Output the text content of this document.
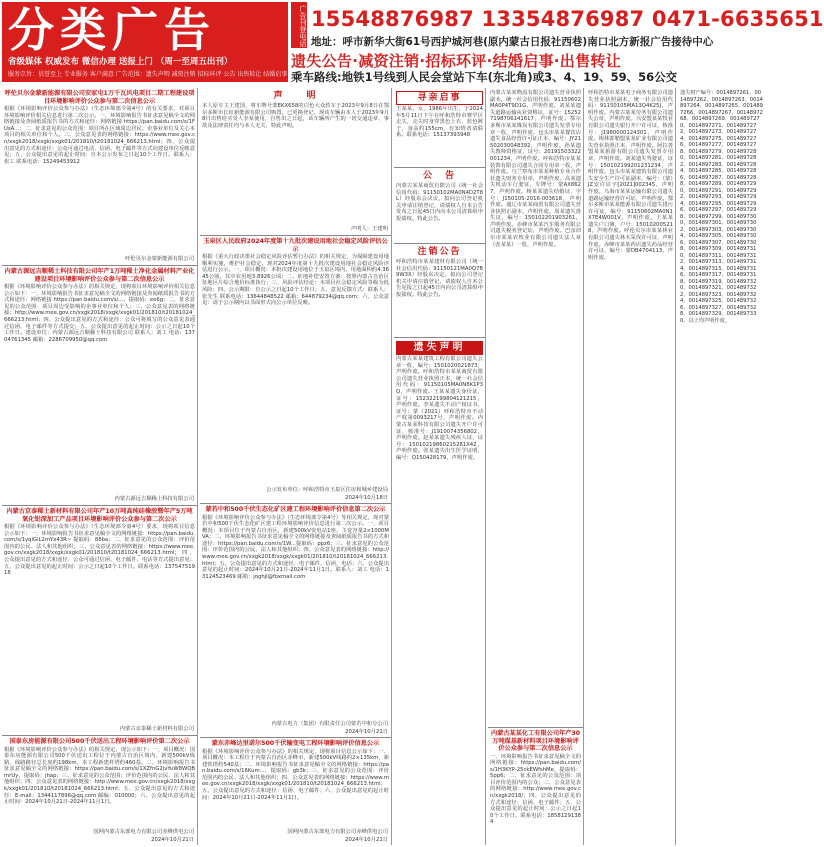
分类广告
省级媒体 权威发布 微信办理 送报上门 （周一至周五出刊）
服务宗旨：信誉至上 专业服务 客户满意 广告范围：遗失声明 减资注销 招标环评 公告 出售转让 结婚启事
广告刊登电话 15548876987 13354876987 0471-6635651
地址：呼市新华大街61号西护城河巷(原内蒙古日报社西巷)南口北方新报广告接待中心
遗失公告·减资注销·招标环评·结婚启事·出售转让
乘车路线:地铁1号线到人民会堂站下车(东北角)或3、4、19、59、56公交
呼伦贝尔金蒙新能源有限公司安家屯1万千瓦风电项目二期工程建设项目环境影响评价公众参与第二次信息公示
根据《环境影响评价公众参与办法》（生态环境部令第4号）的有关要求，对项目环境影响评价相关信息进行第二次公示。一、环境影响报告书征求意见稿全文的网络链接及查阅纸质报告书的方式和途径：网络链接 https://pan.baidu.com/s/1FUsA...；二、征求意见的公众范围：项目所在区域周边居民、企事业单位及关心本项目的相关单位和个人。三、公众意见表的网络链接：https://www.mee.gov.cn/xxgk2018/xxgk/xxgk01/201810/t20181024_666213.html；四、公众提出意见的方式和途径：公众可通过电话、信函、电子邮件等方式向建设单位反映意见；五、公众提出意见的起止时间：自本公示发布之日起10个工作日。联系人：张工 联系电话：15249453912
呼伦贝尔金蒙新能源有限公司
内蒙古源远吉顺稀土科技有限公司年产1万吨稀土净化金属材料产业化建设项目环境影响评价公众参与第二次信息公示
根据《环境影响评价公众参与办法》的相关规定，现将项目环境影响评价相关信息公示如下：一、环境影响报告书征求意见稿全文的网络链接及查阅纸质报告书的方式和途径：网络链接 https://pan.baidu.com/s/...，提取码：ee6g；二、征求意见的公众范围：项目周边受影响的企事业单位和个人；三、公众意见表的网络链接：http://www.mee.gov.cn/xxgk2018/xxgk/xxgk01/201810/t20181024_666213.html；四、公众提出意见的方式和途径：公众可将填写的公众意见表通过信函、电子邮件等方式提交；五、公众提出意见的起止时间：公示之日起10个工作日。建设单位：内蒙古源远吉顺稀土科技有限公司 联系人：刘工 电话：13704761345 邮箱：2286709950@qq.com
内蒙古源远吉顺稀土科技有限公司
内蒙古京泰稀土新材料有限公司年产10万吨高纯硅橡胶暨年产5万吨氧化铝深加工产品项目环境影响评价公众参与第二次公示
根据《环境影响评价公众参与办法》（生态环境部令第4号）要求，现将项目信息公示如下：一、环境影响报告书征求意见稿全文的网络链接：https://pan.baidu.com/s/1yqiGiL2mYx43R~ 提取码：88ba；二、征求意见的公众范围：评价范围内的公民、法人和其他组织；三、公众意见表的网络链接：https://www.mee.gov.cn/xxgk2018/xxgk/xxgk01/201810/t20181024_666213.html；四、公众提出意见的方式和途径：公众可通过信函、电子邮件、电话等方式提出意见；五、公众提出意见的起止时间：公示之日起10个工作日。联系电话：13754751918
内蒙古京泰稀土新材料有限公司
国泰东房能源有限公司500千伏送出工程环境影响评价第二次公示
根据《环境影响评价公众参与办法》的相关规定，现公示如下：一、项目概况：国泰东房能源有限公司500千伏送出工程位于内蒙古自治区境内，新建500kV线路，线路路径总长度约198km，本工程新建杆塔约460基。二、环境影响报告书征求意见稿全文的网络链接：https://pan.baidu.com/s/1XZfnG2jvYuW8WQBmrUy，提取码：jhap；三、征求意见的公众范围：评价范围内的公民、法人和其他组织；四、公众意见表的网络链接：http://www.mee.gov.cn/xxgk2018/xxgk/xxgk01/201810/t20181024_666213.html；五、公众提出意见的方式和途径：E-mail：1344117896@qq.com 邮编：010000；六、公众提出意见的起止时间：2024年10月21日-2024年11月1日。
国网内蒙古东部电力有限公司赤峰供电公司
2024年10月21日
声　　明
本人原车主王建国，将车牌号蒙EKX658的白色大众轿车于2023年9月8日在鄂尔多斯市长征新能源有限公司购置，已更换登记，现该车辆由本人于2023年9月8日出售给买受人李某使用，自售出之日起，该车辆所产生的一切交通违章、事故及法律责任均与本人无关，特此声明。
声明人：王建明
玉泉区人民政府2024年度第十九批次建设用地社会稳定风险评估公示
根据《重大行政决策社会稳定风险评估暂行办法》的相关规定，为保障建设用地顺利实施，维护社会稳定，现对2024年度第十九批次建设用地社会稳定风险评估进行公示。一、项目概况：本批次建设用地位于玉泉区境内，用地面积约4.3645公顷，其中农用地3.8926公顷；二、征地补偿安置方案：按照内蒙古自治区征地区片综合地价标准执行；三、风险评估结论：本项目社会稳定风险等级为低风险；四、公示期限：自公示之日起10个工作日；五、意见反馈方式：联系人：张先生 联系电话：13644848522 邮箱：644879234@qq.com；六、公众意见：请于公示期内以书面形式向公示单位反映。
公示发布单位：呼和浩特市玉泉区住房和城乡建设局
2024年10月18日
蒙若中和500千伏生态化矿区建工程环境影响评价信息第二次公示
根据《环境影响评价公众参与办法》（生态环境部令第4号）等相关规定，现对蒙若中和500千伏生态化矿区建工程环境影响评价信息进行第二次公示。一、项目概况：本项目位于内蒙古自治区，新建500kV变电站1座，主变容量2×1000MVA；二、环境影响报告书征求意见稿全文的网络链接及查阅纸质报告书的方式和途径：https://pan.baidu.com/s/1W...提取码：ppz6；三、征求意见的公众范围：评价范围内的公民、法人和其他组织；四、公众意见表的网络链接：http://www.mee.gov.cn/xxgk2018/xxgk/xxgk01/201810/t20181024_666213.html；五、公众提出意见的方式和途径：电子邮件、信函、电话；六、公众提出意见的起止时间：2024年10月21日-2024年11月1日。联系人：刘工 电话：13124523469 邮箱：joghjl@foxmail.com
内蒙古电力（集团）有限责任公司蒙若中和分公司
2024年10月21日
蒙东赤峰达里诺尔500千伏输变电工程环境影响评价信息公示
根据《环境影响评价公众参与办法》的相关规定，现将项目信息公示如下：一、项目概况：本工程位于内蒙古自治区赤峰市，新建500kV线路约2×135km，新建铁塔约540基；二、环境影响报告书征求意见稿全文的网络链接：https://pan.baidu.com/s/16Kum...，提取码：gb3k；三、征求意见的公众范围：评价范围内的公民、法人和其他组织；四、公众意见表的网络链接：https://www.mee.gov.cn/xxgk2018/xxgk/xxgk01/201810/t20181024_666213.html；五、公众提出意见的方式和途径：信函、电子邮件；六、公众提出意见的起止时间：2024年10月21日-2024年11月1日。
国网内蒙古东部电力有限公司赤峰供电公司
2024年10月21日
寻亲启事
王某某，女，1986年出生，于2024年5月11日下午在呼和浩特市赛罕区走失，走失时身穿黑色上衣、蓝色裤子，身高约155cm，有知情者请联系。联系电话：15137393948
公　告
内蒙古某某商贸有限公司（统一社会信用代码：91150102MA0N4D2T8L）经股东会决议，拟向公司登记机关申请注销登记，请债权人自本公告发布之日起45日内向本公司清算组申报债权。特此公告。
注销公告
呼和浩特市某某建材有限公司（统一社会信用代码：91150121MA0Q7B9W3X）经股东决定，拟向公司登记机关申请注销登记，请债权人自本公告见报之日起45日内向公司清算组申报债权。特此公告。
遗失声明
内蒙古某某建筑工程有限公司遗失公章一枚，编号：1501020021873，声明作废。呼和浩特市某某商贸有限公司遗失营业执照正本，统一社会信用代码：91150105MA0N8K1P3Q，声明作废。王某某遗失身份证，证号：152322199804121215，声明作废。李某遗失不动产权证书，证号：蒙（2021）呼和浩特市不动产权第0093217号，声明作废。内蒙古某某科技有限公司遗失开户许可证，核准号：J1910074356802，声明作废。赵某某遗失残疾人证，证号：15010219860215281X42，声明作废。张某遗失出生医学证明，编号：Q150428179，声明作废。
内蒙古某某物流有限公司遗失营业执照副本，统一社会信用代码：91150602MA0P4T9D1G，声明作废。刘某某遗失道路运输从业资格证，证号：152527198706141617，声明作废。鄂尔多斯市某某煤炭有限公司遗失发票专用章一枚，声明作废。包头市某某餐饮店遗失食品经营许可证正本，编号：JY21502030048392，声明作废。孙某遗失教师资格证，证号：20191503322001234，声明作废。呼和浩特市某某装饰有限公司遗失合同专用章一枚，声明作废。乌兰察布市某某种植专业合作社遗失财务专用章，声明作废。高某遗失机动车行驶证，车牌号：蒙AX8627，声明作废。杨某某遗失结婚证，字号：J150105-2016-003618，声明作废。通辽市某某商贸有限公司遗失营业执照正副本，声明作废。周某遗失准生证，编号：150102201903261，声明作废。赤峰市某某汽车服务有限公司遗失税务登记证，声明作废。巴彦淖尔市某某农牧业有限公司遗失法人章（张某某）一枚，声明作废。
内蒙古某某化工有限公司年产30万吨煤基新材料项目环境影响评价公众参与第二次信息公示
一、环境影响报告书征求意见稿全文的网络链接：https://pan.baidu.com/s/1H3KYP-25ckEWfshMe，提取码：5pp6；二、征求意见的公众范围：项目评价范围内的公众；三、公众意见表的网络链接：http://www.mee.gov.cn/xxgk2018/；四、公众提出意见的方式和途径：信函、电子邮件；五、公众提出意见的起止时间：公示之日起10个工作日。联系电话：18581291384
呼和浩特市某某电子商务有限公司遗失营业执照副本，统一社会信用代码：91150105MA13Q4K25J，声明作废。内蒙古某某劳务有限公司遗失公章，声明作废。兴安盟某某牧业有限公司遗失银行开户许可证，核准号：J1980000124301，声明作废。锡林郭勒盟某某矿业有限公司遗失营业执照正本，声明作废。阿拉善盟某某旅游有限公司遗失发票专用章，声明作废。刘某遗失驾驶证，证号：150102199201231234，声明作废。包头市某某建筑有限公司遗失安全生产许可证副本，编号：（蒙）JZ安许证字[2021]002345，声明作废。乌海市某某运输有限公司遗失道路运输经营许可证，声明作废。鄂尔多斯市某某能源有限公司遗失排污许可证，编号：91150602MA0N1X7E4W001V，声明作废。王某某遗失户口簿，户号：150102005218，声明作废。呼伦贝尔市某某林业有限公司遗失林木采伐许可证，声明作废。赤峰市某某药店遗失药品经营许可证，编号：蒙DB4704113，声明作废。
遗失财产编号：0014897261、0014897262、0014897263、0014897264、0014897265、0014897266、0014897267、0014897268、0014897269、0014897270、0014897271、0014897272、0014897273、0014897274、0014897275、0014897276、0014897277、0014897278、0014897279、0014897280、0014897281、0014897282、0014897283、0014897284、0014897285、0014897286、0014897287、0014897288、0014897289、0014897290、0014897291、0014897292、0014897293、0014897294、0014897295、0014897296、0014897297、0014897298、0014897299、0014897300、0014897301、0014897302、0014897303、0014897304、0014897305、0014897306、0014897307、0014897308、0014897309、0014897310、0014897311、0014897312、0014897313、0014897314、0014897315、0014897316、0014897317、0014897318、0014897319、0014897320、0014897321、0014897322、0014897323、0014897324、0014897325、0014897326、0014897327、0014897328、0014897329、0014897330，以上均声明作废。
